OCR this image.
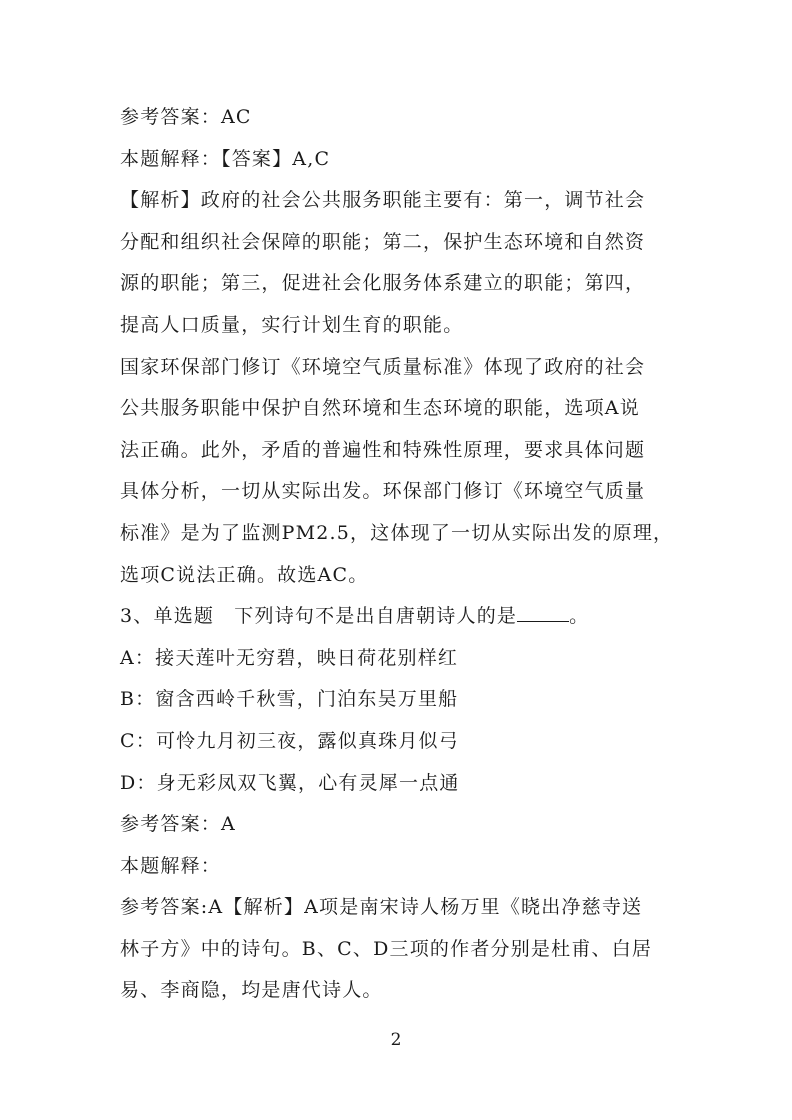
参考答案：AC
本题解释：【答案】A,C
【解析】政府的社会公共服务职能主要有：第一，调节社会
分配和组织社会保障的职能；第二，保护生态环境和自然资
源的职能；第三，促进社会化服务体系建立的职能；第四，
提高人口质量，实行计划生育的职能。
国家环保部门修订《环境空气质量标准》体现了政府的社会
公共服务职能中保护自然环境和生态环境的职能，选项A说
法正确。此外，矛盾的普遍性和特殊性原理，要求具体问题
具体分析，一切从实际出发。环保部门修订《环境空气质量
标准》是为了监测PM2.5，这体现了一切从实际出发的原理，
选项C说法正确。故选AC。
3、单选题　下列诗句不是出自唐朝诗人的是	。
A：接天莲叶无穷碧，映日荷花别样红
B：窗含西岭千秋雪，门泊东吴万里船
C：可怜九月初三夜，露似真珠月似弓
D：身无彩凤双飞翼，心有灵犀一点通
参考答案：A
本题解释：
参考答案:A【解析】A项是南宋诗人杨万里《晓出净慈寺送
林子方》中的诗句。B、C、D三项的作者分别是杜甫、白居
易、李商隐，均是唐代诗人。
2
